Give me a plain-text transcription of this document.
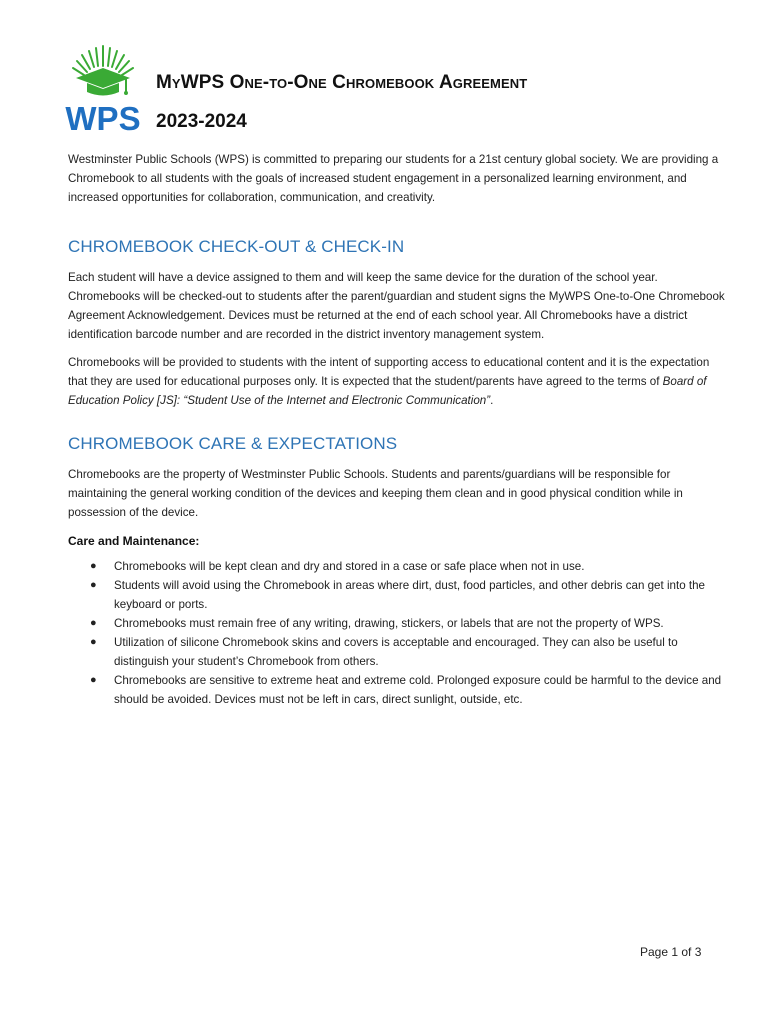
WPS
MyWPS One-to-One Chromebook Agreement
2023-2024

Westminster Public Schools (WPS) is committed to preparing our students for a 21st century global society. We are providing a Chromebook to all students with the goals of increased student engagement in a personalized learning environment, and increased opportunities for collaboration, communication, and creativity.

CHROMEBOOK CHECK-OUT & CHECK-IN

Each student will have a device assigned to them and will keep the same device for the duration of the school year. Chromebooks will be checked-out to students after the parent/guardian and student signs the MyWPS One-to-One Chromebook Agreement Acknowledgement. Devices must be returned at the end of each school year. All Chromebooks have a district identification barcode number and are recorded in the district inventory management system.

Chromebooks will be provided to students with the intent of supporting access to educational content and it is the expectation that they are used for educational purposes only. It is expected that the student/parents have agreed to the terms of Board of Education Policy [JS]: “Student Use of the Internet and Electronic Communication”.

CHROMEBOOK CARE & EXPECTATIONS

Chromebooks are the property of Westminster Public Schools. Students and parents/guardians will be responsible for maintaining the general working condition of the devices and keeping them clean and in good physical condition while in possession of the device.

Care and Maintenance:
● Chromebooks will be kept clean and dry and stored in a case or safe place when not in use.
● Students will avoid using the Chromebook in areas where dirt, dust, food particles, and other debris can get into the keyboard or ports.
● Chromebooks must remain free of any writing, drawing, stickers, or labels that are not the property of WPS.
● Utilization of silicone Chromebook skins and covers is acceptable and encouraged. They can also be useful to distinguish your student’s Chromebook from others.
● Chromebooks are sensitive to extreme heat and extreme cold. Prolonged exposure could be harmful to the device and should be avoided. Devices must not be left in cars, direct sunlight, outside, etc.
Page 1 of 3
